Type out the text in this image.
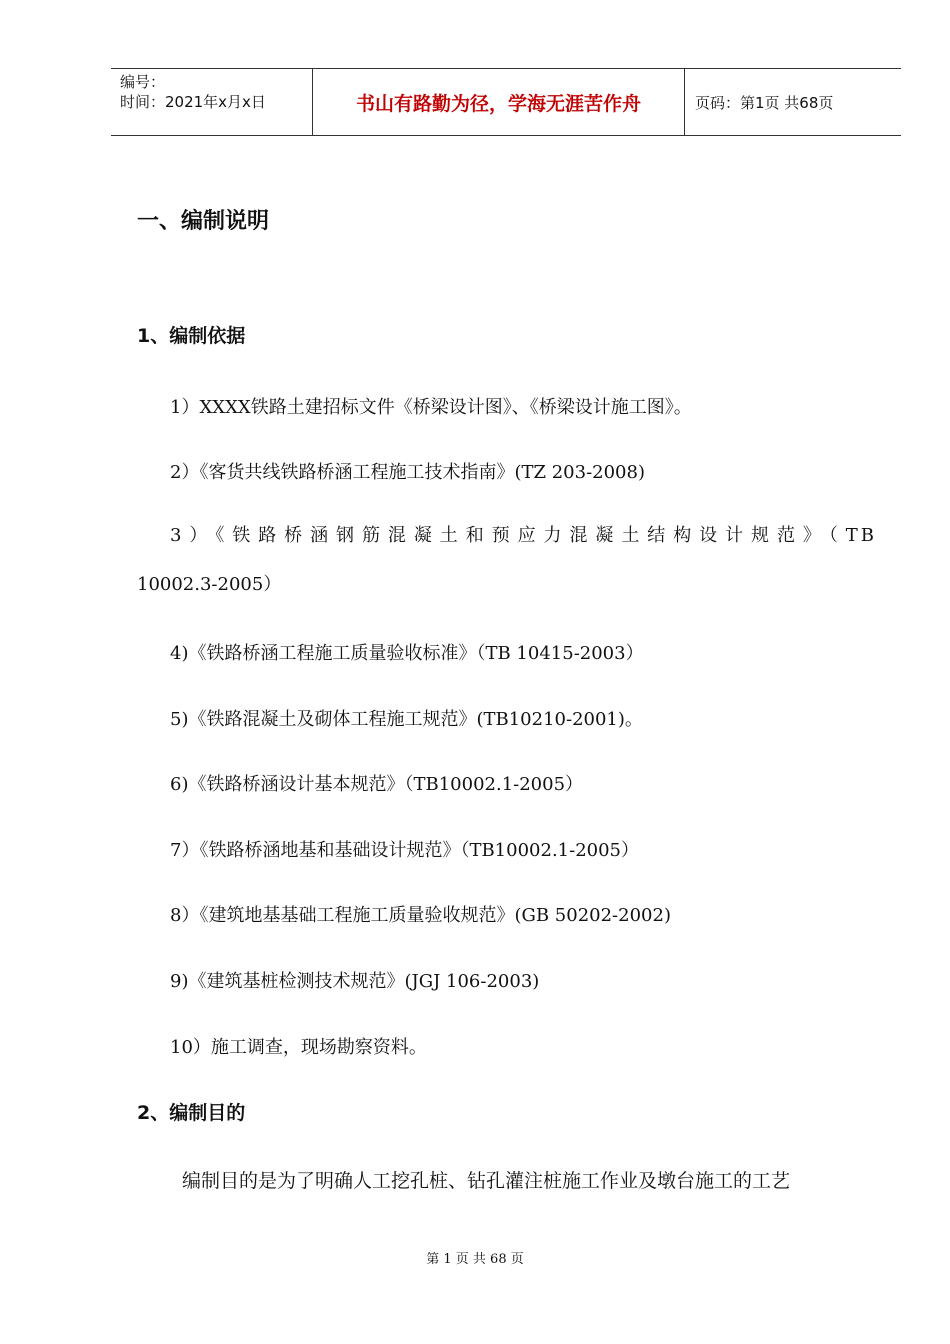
编号：
时间：2021年x月x日	书山有路勤为径，学海无涯苦作舟	页码：第1页 共68页
一、编制说明
1、编制依据
1）XXXX铁路土建招标文件《桥梁设计图》、《桥梁设计施工图》。
2）《客货共线铁路桥涵工程施工技术指南》(TZ 203-2008)
3）《铁路桥涵钢筋混凝土和预应力混凝土结构设计规范》（TB
10002.3-2005）
4)《铁路桥涵工程施工质量验收标准》（TB 10415-2003）
5)《铁路混凝土及砌体工程施工规范》(TB10210-2001)。
6)《铁路桥涵设计基本规范》（TB10002.1-2005）
7）《铁路桥涵地基和基础设计规范》（TB10002.1-2005）
8）《建筑地基基础工程施工质量验收规范》(GB 50202-2002)
9)《建筑基桩检测技术规范》(JGJ 106-2003)
10）施工调查，现场勘察资料。
2、编制目的
编制目的是为了明确人工挖孔桩、钻孔灌注桩施工作业及墩台施工的工艺
第 1 页 共 68 页
